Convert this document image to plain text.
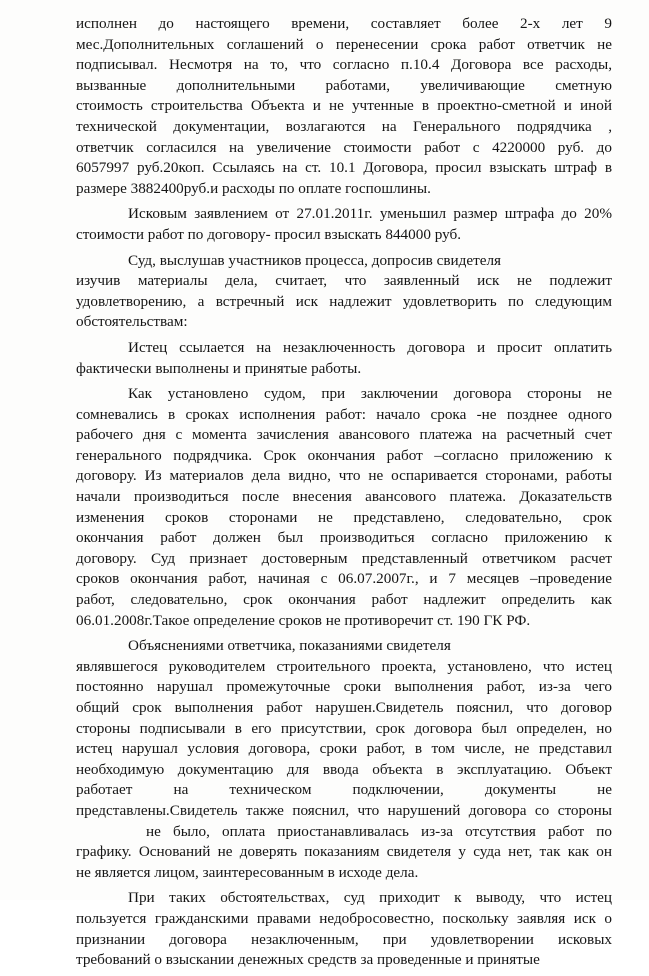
исполнен до настоящего времени, составляет более 2-х лет 9
мес.Дополнительных соглашений о перенесении срока работ ответчик не
подписывал. Несмотря на то, что согласно п.10.4 Договора все расходы,
вызванные дополнительными работами, увеличивающие сметную
стоимость строительства Объекта и не учтенные в проектно-сметной и иной
технической документации, возлагаются на Генерального подрядчика ,
ответчик согласился на увеличение стоимости работ с 4220000 руб. до
6057997 руб.20коп. Ссылаясь на ст. 10.1 Договора, просил взыскать штраф в
размере 3882400руб.и расходы по оплате госпошлины.
Исковым заявлением от 27.01.2011г. уменьшил размер штрафа до 20%
стоимости работ по договору- просил взыскать 844000 руб.
Суд, выслушав участников процесса, допросив свидетеля
изучив материалы дела, считает, что заявленный иск не подлежит
удовлетворению, а встречный иск надлежит удовлетворить по следующим
обстоятельствам:
Истец ссылается на незаключенность договора и просит оплатить
фактически выполнены и принятые работы.
Как установлено судом, при заключении договора стороны не
сомневались в сроках исполнения работ: начало срока -не позднее одного
рабочего дня с момента зачисления авансового платежа на расчетный счет
генерального подрядчика. Срок окончания работ –согласно приложению к
договору. Из материалов дела видно, что не оспаривается сторонами, работы
начали производиться после внесения авансового платежа. Доказательств
изменения сроков сторонами не представлено, следовательно, срок
окончания работ должен был производиться согласно приложению к
договору. Суд признает достоверным представленный ответчиком расчет
сроков окончания работ, начиная с 06.07.2007г., и 7 месяцев –проведение
работ, следовательно, срок окончания работ надлежит определить как
06.01.2008г.Такое определение сроков не противоречит ст. 190 ГК РФ.
Объяснениями ответчика, показаниями свидетеля
являвшегося руководителем строительного проекта, установлено, что истец
постоянно нарушал промежуточные сроки выполнения работ, из-за чего
общий срок выполнения работ нарушен.Свидетель пояснил, что договор
стороны подписывали в его присутствии, срок договора был определен, но
истец нарушал условия договора, сроки работ, в том числе, не представил
необходимую документацию для ввода объекта в эксплуатацию. Объект
работает на техническом подключении, документы не
представлены.Свидетель также пояснил, что нарушений договора со стороны
не было, оплата приостанавливалась из-за отсутствия работ по
графику. Оснований не доверять показаниям свидетеля у суда нет, так как он
не является лицом, заинтересованным в исходе дела.
При таких обстоятельствах, суд приходит к выводу, что истец
пользуется гражданскими правами недобросовестно, поскольку заявляя иск о
признании договора незаключенным, при удовлетворении исковых
требований о взыскании денежных средств за проведенные и принятые
